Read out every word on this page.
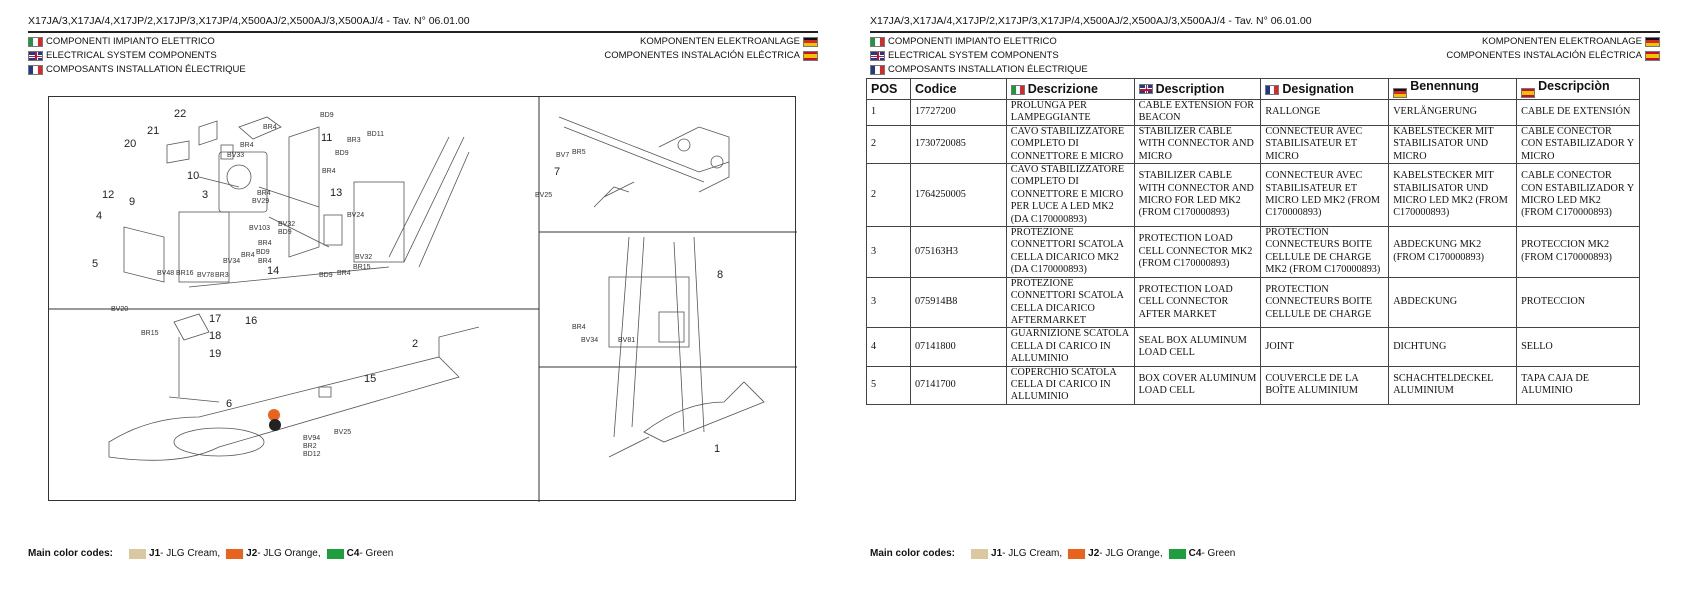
X17JA/3,X17JA/4,X17JP/2,X17JP/3,X17JP/4,X500AJ/2,X500AJ/3,X500AJ/4 - Tav. N° 06.01.00
COMPONENTI IMPIANTO ELETTRICO
ELECTRICAL SYSTEM COMPONENTS
COMPOSANTS INSTALLATION ÉLECTRIQUE
KOMPONENTEN ELEKTROANLAGE
COMPONENTES INSTALACIÓN ELÉCTRICA
22
21
20
10
12
9
4
5
3
11
13
14
17
18
19
16
6
15
2
7
8
1
BD9
BR4
BV33
BR4
BD9
BR3
BD11
BR4
BR4
BV29
BV103
BV32
BD9
BV24
BR4
BD9
BR4
BV32
BR15
BV48 BR16 BV78 BR3
BV34
BR4
BD9 BR4
BV20
BR15
BV94
BR2
BD12
BV25
BV7 BR5
BV25
BR4
BV34	BV81
Main color codes:	J1 - JLG Cream,	J2 - JLG Orange,	C4 - Green
X17JA/3,X17JA/4,X17JP/2,X17JP/3,X17JP/4,X500AJ/2,X500AJ/3,X500AJ/4 - Tav. N° 06.01.00
COMPONENTI IMPIANTO ELETTRICO
ELECTRICAL SYSTEM COMPONENTS
COMPOSANTS INSTALLATION ÉLECTRIQUE
KOMPONENTEN ELEKTROANLAGE
COMPONENTES INSTALACIÓN ELÉCTRICA
POS	Codice	Descrizione	Description	Designation	Benennung	Descripciòn
1	17727200	PROLUNGA PER LAMPEGGIANTE	CABLE EXTENSION FOR BEACON	RALLONGE	VERLÄNGERUNG	CABLE DE EXTENSIÓN
2	1730720085	CAVO STABILIZZATORE COMPLETO DI CONNETTORE E MICRO	STABILIZER CABLE WITH CONNECTOR AND MICRO	CONNECTEUR AVEC STABILISATEUR ET MICRO	KABELSTECKER MIT STABILISATOR UND MICRO	CABLE CONECTOR CON ESTABILIZADOR Y MICRO
2	1764250005	CAVO STABILIZZATORE COMPLETO DI CONNETTORE E MICRO PER LUCE A LED MK2 (DA C170000893)	STABILIZER CABLE WITH CONNECTOR AND MICRO FOR LED MK2 (FROM C170000893)	CONNECTEUR AVEC STABILISATEUR ET MICRO LED MK2 (FROM C170000893)	KABELSTECKER MIT STABILISATOR UND MICRO LED MK2 (FROM C170000893)	CABLE CONECTOR CON ESTABILIZADOR Y MICRO LED MK2 (FROM C170000893)
3	075163H3	PROTEZIONE CONNETTORI SCATOLA CELLA DICARICO MK2 (DA C170000893)	PROTECTION LOAD CELL CONNECTOR MK2 (FROM C170000893)	PROTECTION CONNECTEURS BOITE CELLULE DE CHARGE MK2 (FROM C170000893)	ABDECKUNG MK2 (FROM C170000893)	PROTECCION MK2 (FROM C170000893)
3	075914B8	PROTEZIONE CONNETTORI SCATOLA CELLA DICARICO AFTERMARKET	PROTECTION LOAD CELL CONNECTOR AFTER MARKET	PROTECTION CONNECTEURS BOITE CELLULE DE CHARGE	ABDECKUNG	PROTECCION
4	07141800	GUARNIZIONE SCATOLA CELLA DI CARICO IN ALLUMINIO	SEAL BOX ALUMINUM LOAD CELL	JOINT	DICHTUNG	SELLO
5	07141700	COPERCHIO SCATOLA CELLA DI CARICO IN ALLUMINIO	BOX COVER ALUMINUM LOAD CELL	COUVERCLE DE LA BOÎTE ALUMINIUM	SCHACHTELDECKEL ALUMINIUM	TAPA CAJA DE ALUMINIO
Main color codes:	J1 - JLG Cream,	J2 - JLG Orange,	C4 - Green
